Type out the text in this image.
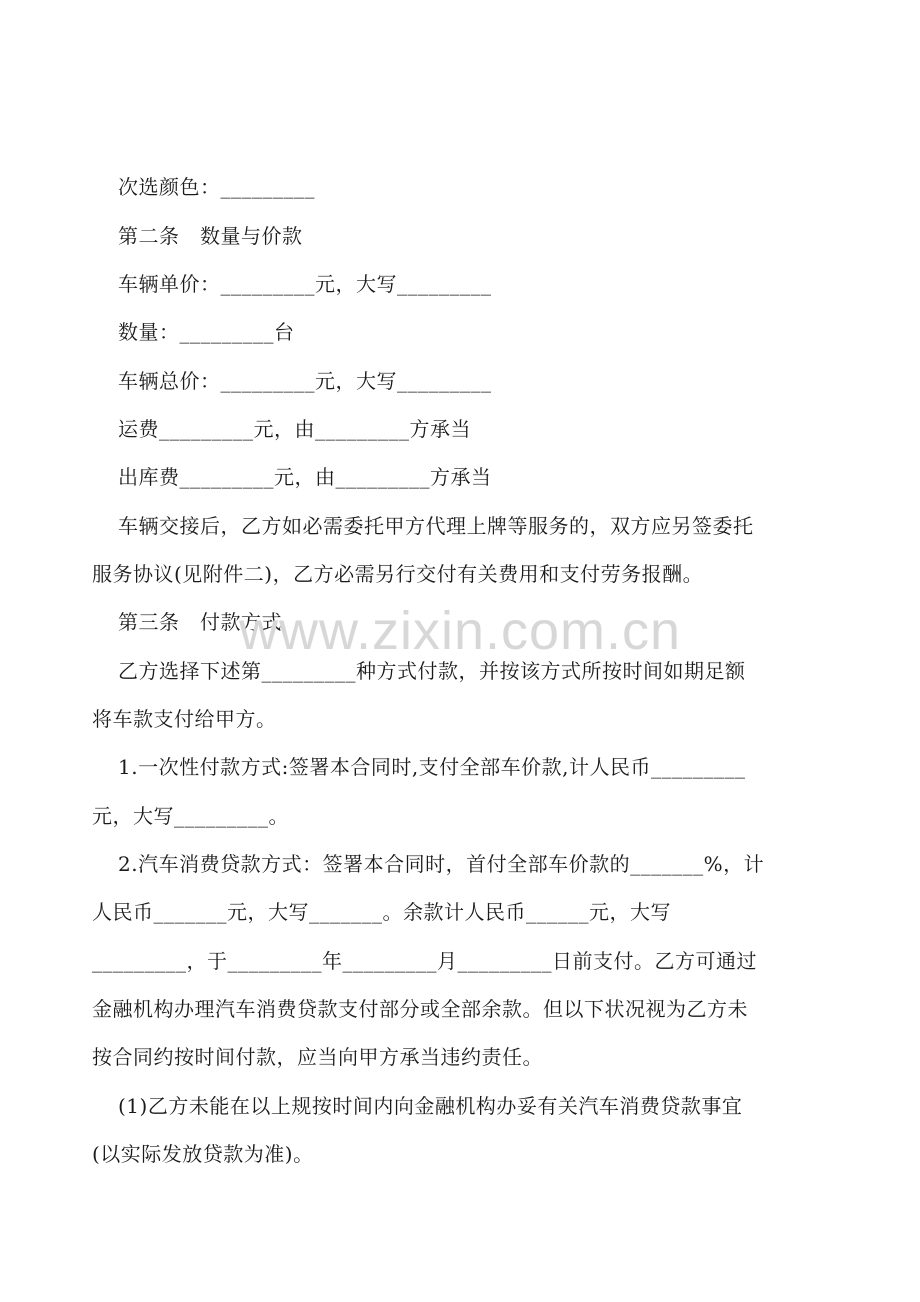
次选颜色：_________
第二条　数量与价款
车辆单价：_________元，大写_________
数量：_________台
车辆总价：_________元，大写_________
运费_________元，由_________方承当
出库费_________元，由_________方承当
车辆交接后，乙方如必需委托甲方代理上牌等服务的，双方应另签委托
服务协议(见附件二)，乙方必需另行交付有关费用和支付劳务报酬。
第三条　付款方式
乙方选择下述第_________种方式付款，并按该方式所按时间如期足额
将车款支付给甲方。
1.一次性付款方式:签署本合同时,支付全部车价款,计人民币_________
元，大写_________。
2.汽车消费贷款方式：签署本合同时，首付全部车价款的_______%，计
人民币_______元，大写_______。余款计人民币______元，大写
_________，于_________年_________月_________日前支付。乙方可通过
金融机构办理汽车消费贷款支付部分或全部余款。但以下状况视为乙方未
按合同约按时间付款，应当向甲方承当违约责任。
(1)乙方未能在以上规按时间内向金融机构办妥有关汽车消费贷款事宜
(以实际发放贷款为准)。
www.zixin.com.cn
